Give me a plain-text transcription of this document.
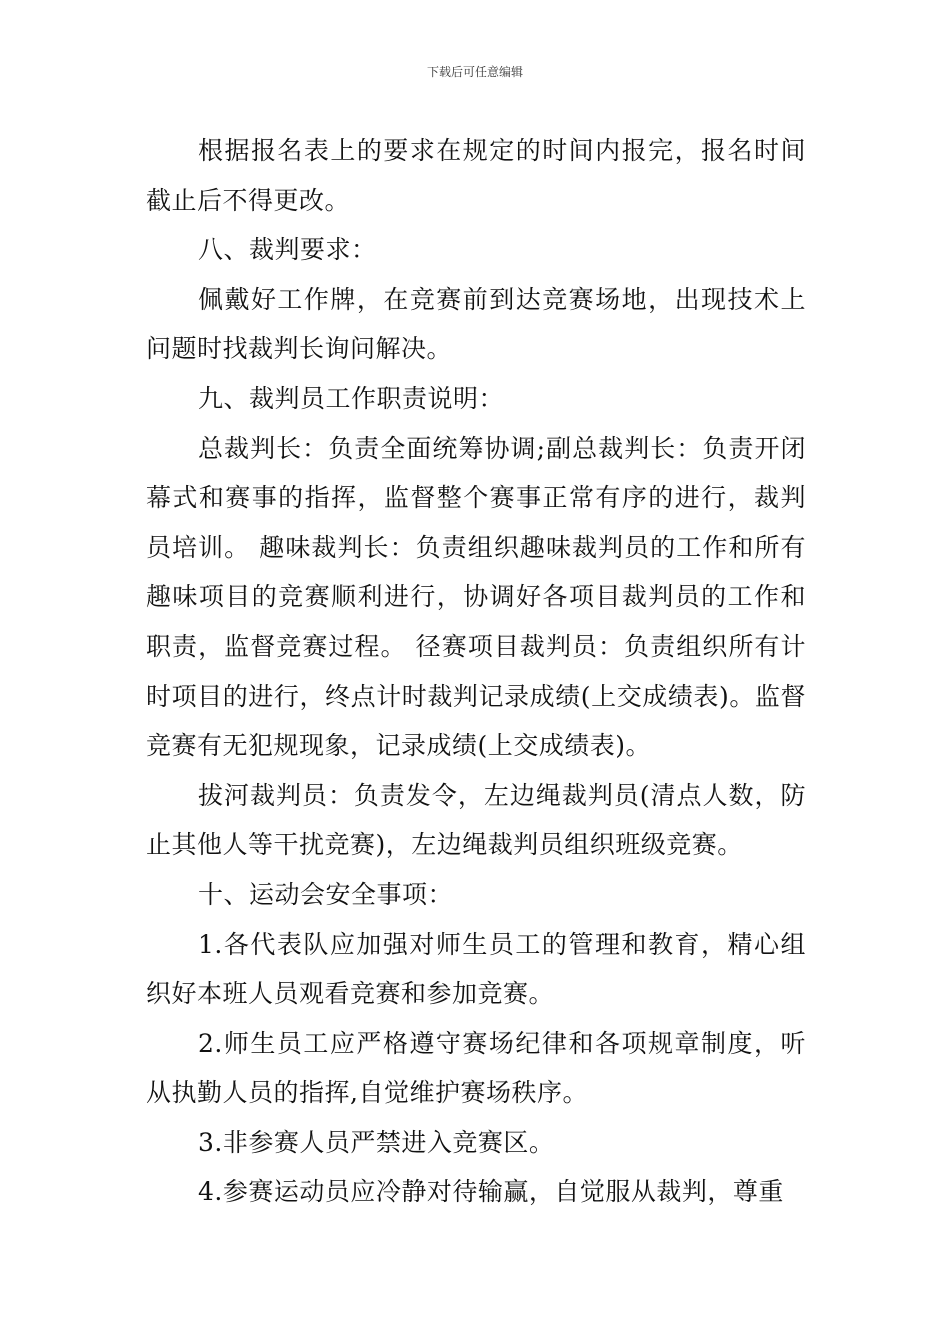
下载后可任意编辑

根据报名表上的要求在规定的时间内报完，报名时间截止后不得更改。

八、裁判要求：

佩戴好工作牌，在竞赛前到达竞赛场地，出现技术上问题时找裁判长询问解决。

九、裁判员工作职责说明：

总裁判长：负责全面统筹协调;副总裁判长：负责开闭幕式和赛事的指挥，监督整个赛事正常有序的进行，裁判员培训。 趣味裁判长：负责组织趣味裁判员的工作和所有趣味项目的竞赛顺利进行，协调好各项目裁判员的工作和职责，监督竞赛过程。 径赛项目裁判员：负责组织所有计时项目的进行，终点计时裁判记录成绩(上交成绩表)。监督竞赛有无犯规现象，记录成绩(上交成绩表)。

拔河裁判员：负责发令，左边绳裁判员(清点人数，防止其他人等干扰竞赛)，左边绳裁判员组织班级竞赛。

十、运动会安全事项：

1.各代表队应加强对师生员工的管理和教育，精心组织好本班人员观看竞赛和参加竞赛。

2.师生员工应严格遵守赛场纪律和各项规章制度，听从执勤人员的指挥,自觉维护赛场秩序。

3.非参赛人员严禁进入竞赛区。

4.参赛运动员应冷静对待输赢，自觉服从裁判，尊重
